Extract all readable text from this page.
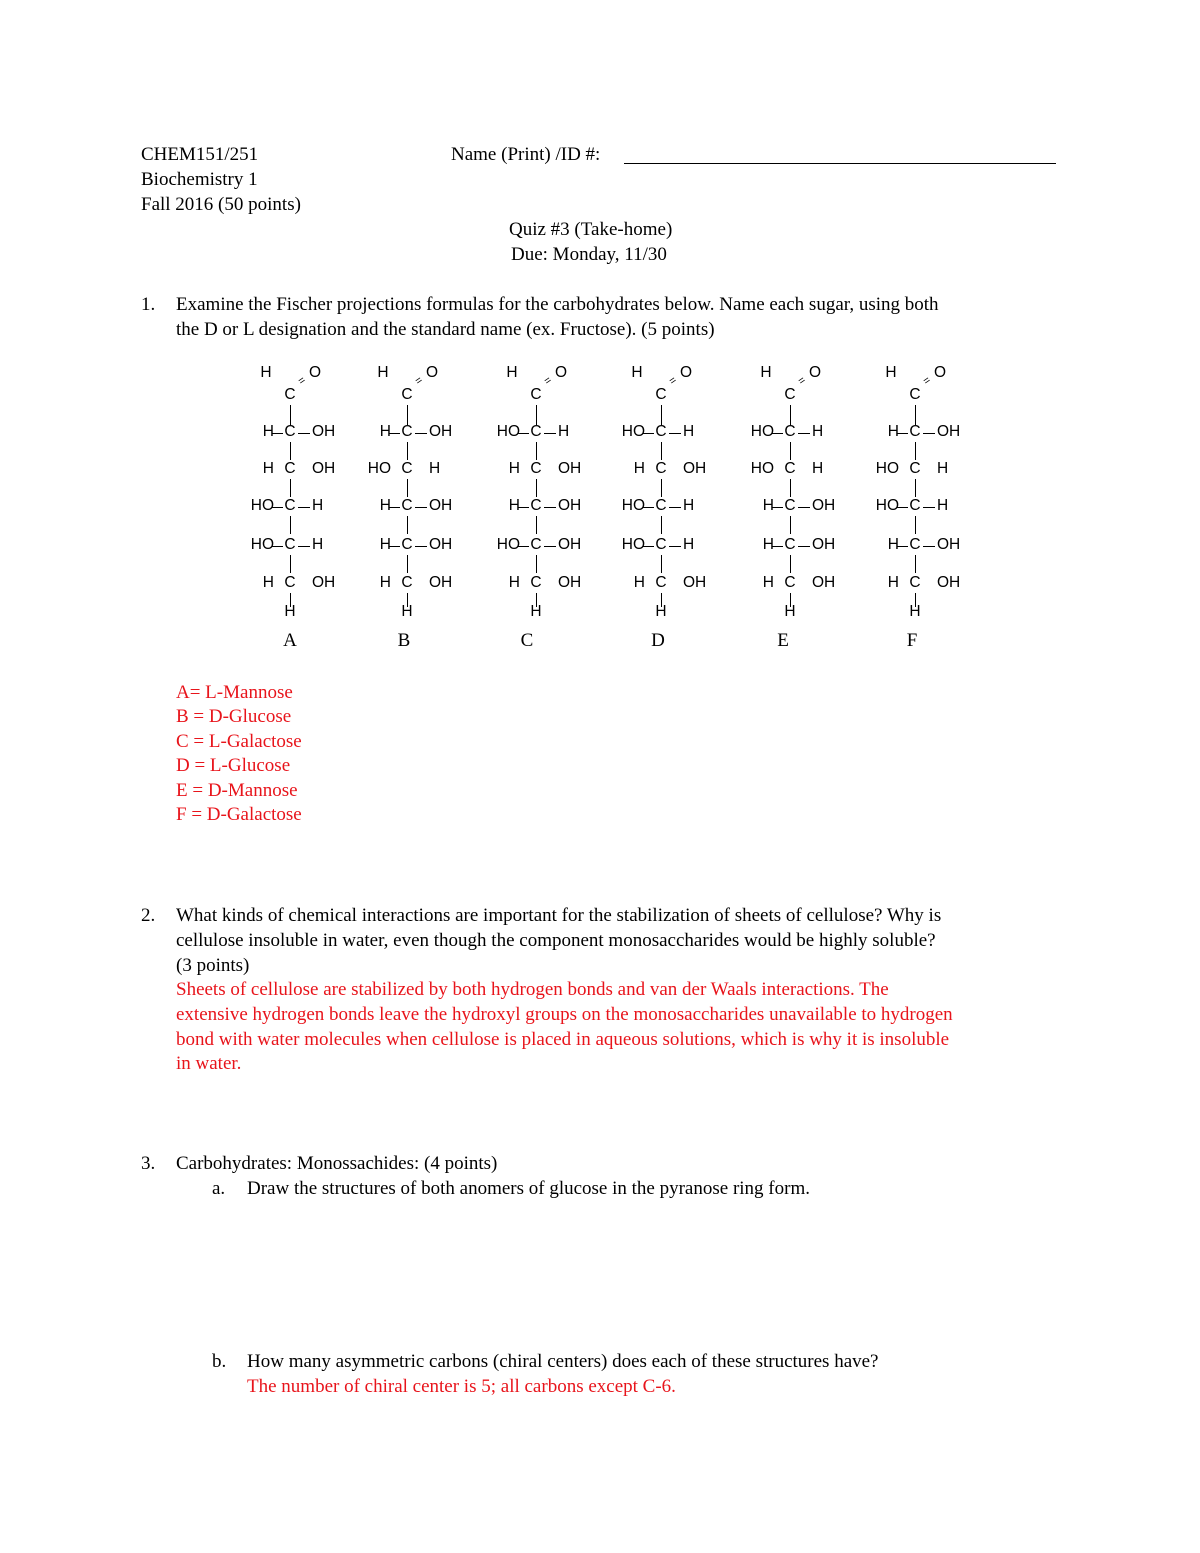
CHEM151/251
Biochemistry 1
Fall 2016 (50 points)
Name (Print) /ID #:
Quiz #3 (Take-home)
Due: Monday, 11/30
1. Examine the Fischer projections formulas for the carbohydrates below. Name each sugar, using both
the D or L designation and the standard name (ex. Fructose). (5 points)
H O
C
=
H C OH
H C OH
HO C H
HO C H
H C OH
H
A
H O
C
=
H C OH
HO C H
H C OH
H C OH
H C OH
H
B
H O
C
=
HO C H
H C OH
H C OH
HO C OH
H C OH
H
C
H O
C
=
HO C H
H C OH
HO C H
HO C H
H C OH
H
D
H O
C
=
HO C H
HO C H
H C OH
H C OH
H C OH
H
E
H O
C
=
H C OH
HO C H
HO C H
H C OH
H C OH
H
F
A= L-Mannose
B = D-Glucose
C = L-Galactose
D = L-Glucose
E = D-Mannose
F = D-Galactose
2. What kinds of chemical interactions are important for the stabilization of sheets of cellulose? Why is
cellulose insoluble in water, even though the component monosaccharides would be highly soluble?
(3 points)
Sheets of cellulose are stabilized by both hydrogen bonds and van der Waals interactions. The
extensive hydrogen bonds leave the hydroxyl groups on the monosaccharides unavailable to hydrogen
bond with water molecules when cellulose is placed in aqueous solutions, which is why it is insoluble
in water.
3. Carbohydrates: Monossachides: (4 points)
a. Draw the structures of both anomers of glucose in the pyranose ring form.
b. How many asymmetric carbons (chiral centers) does each of these structures have?
The number of chiral center is 5; all carbons except C-6.
